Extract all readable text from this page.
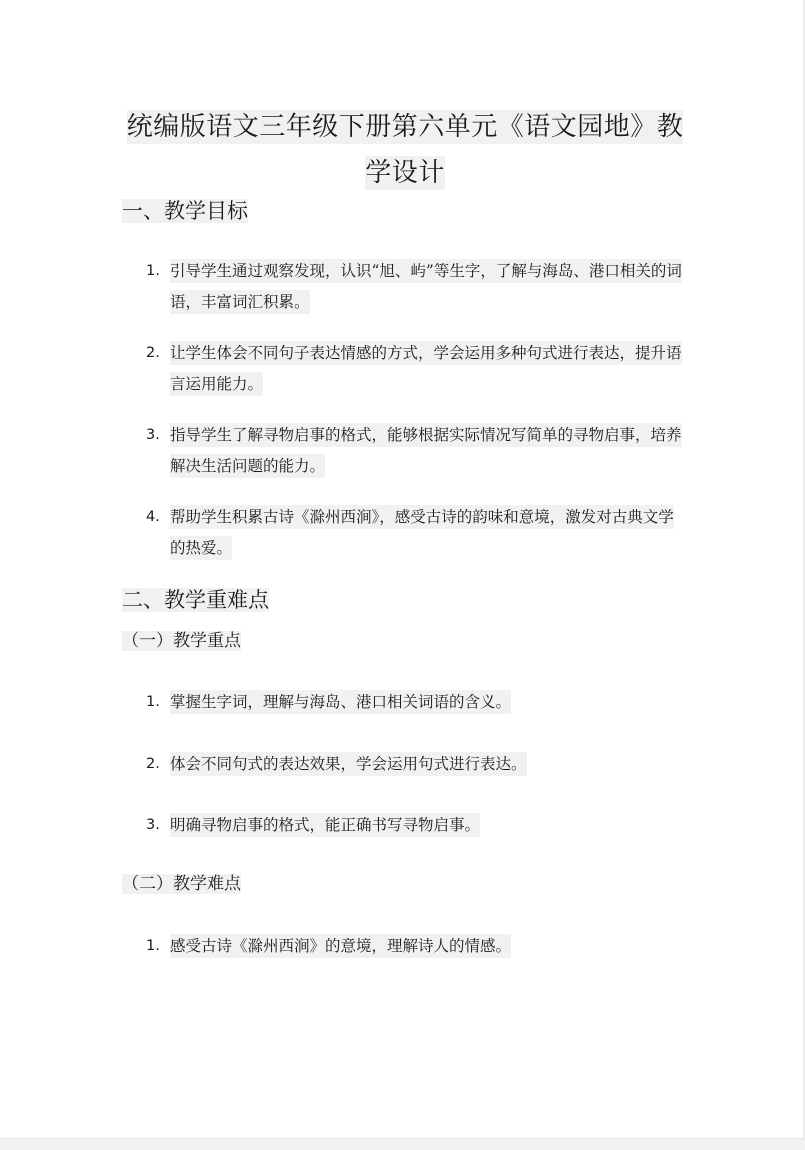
统编版语文三年级下册第六单元《语文园地》教学设计
一、教学目标
1. 引导学生通过观察发现，认识“旭、屿”等生字，了解与海岛、港口相关的词语，丰富词汇积累。
2. 让学生体会不同句子表达情感的方式，学会运用多种句式进行表达，提升语言运用能力。
3. 指导学生了解寻物启事的格式，能够根据实际情况写简单的寻物启事，培养解决生活问题的能力。
4. 帮助学生积累古诗《滁州西涧》，感受古诗的韵味和意境，激发对古典文学的热爱。
二、教学重难点
（一）教学重点
1. 掌握生字词，理解与海岛、港口相关词语的含义。
2. 体会不同句式的表达效果，学会运用句式进行表达。
3. 明确寻物启事的格式，能正确书写寻物启事。
（二）教学难点
1. 感受古诗《滁州西涧》的意境，理解诗人的情感。
